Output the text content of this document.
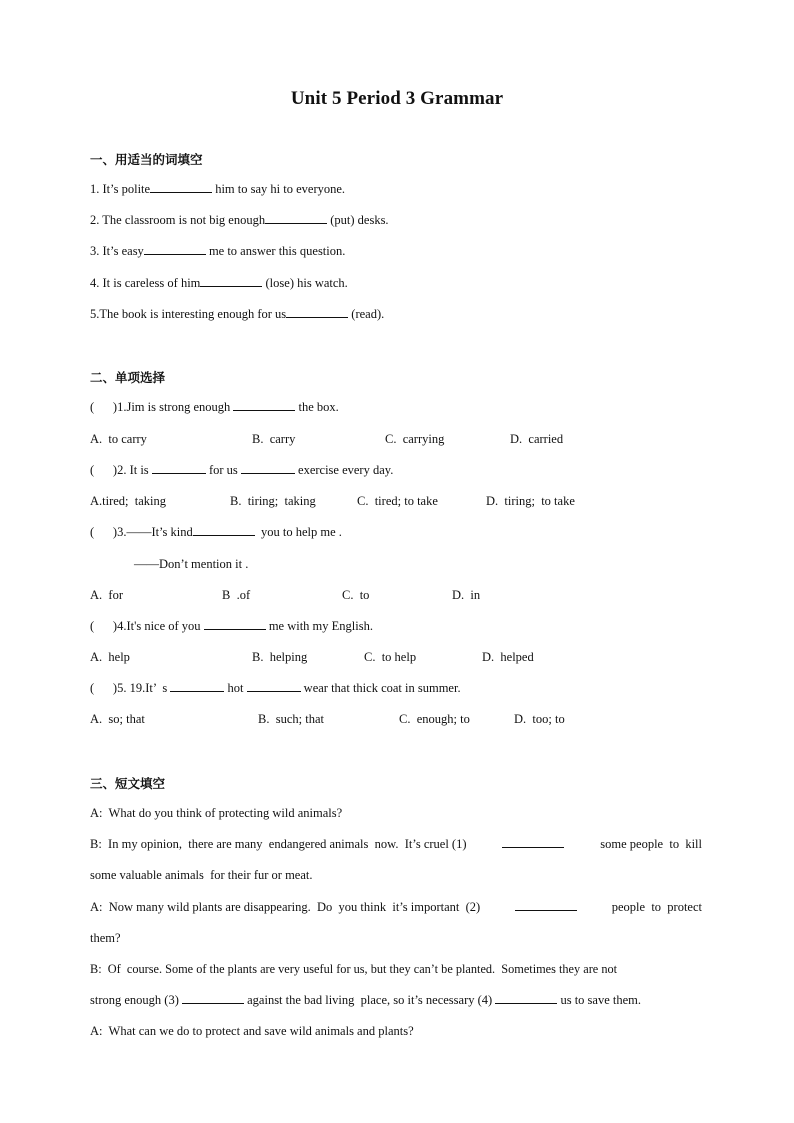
Unit 5 Period 3 Grammar
一、用适当的词填空
1. It’s polite	him to say hi to everyone.
2. The classroom is not big enough	(put) desks.
3. It’s easy	me to answer this question.
4. It is careless of him	(lose) his watch.
5.The book is interesting enough for us	(read).
二、单项选择
(      )1.Jim is strong enough	the box.
A.  to carry	B.  carry	C.  carrying	D.  carried
(      )2. It is	for us	exercise every day.
A.tired;  taking	B.  tiring;  taking	C.  tired; to take	D.  tiring;  to take
(      )3.——It’s kind	you to help me .
——Don’t mention it .
A.  for	B  .of	C.  to	D.  in
(      )4.It's nice of you	me with my English.
A.  help	B.  helping	C.  to help	D.  helped
(      )5. 19.It’  s	hot	wear that thick coat in summer.
A.  so; that	B.  such; that	C.  enough; to	D.  too; to
三、短文填空
A:  What do you think of protecting wild animals?
B:  In my opinion,  there are many  endangered animals  now.  It’s cruel (1)	some people  to  kill
some valuable animals  for their fur or meat.
A:  Now many wild plants are disappearing.  Do  you think  it’s important  (2)	people  to  protect
them?
B:  Of  course. Some of the plants are very useful for us, but they can’t be planted.  Sometimes they are not
strong enough (3)	against the bad living  place, so it’s necessary (4)	us to save them.
A:  What can we do to protect and save wild animals and plants?
